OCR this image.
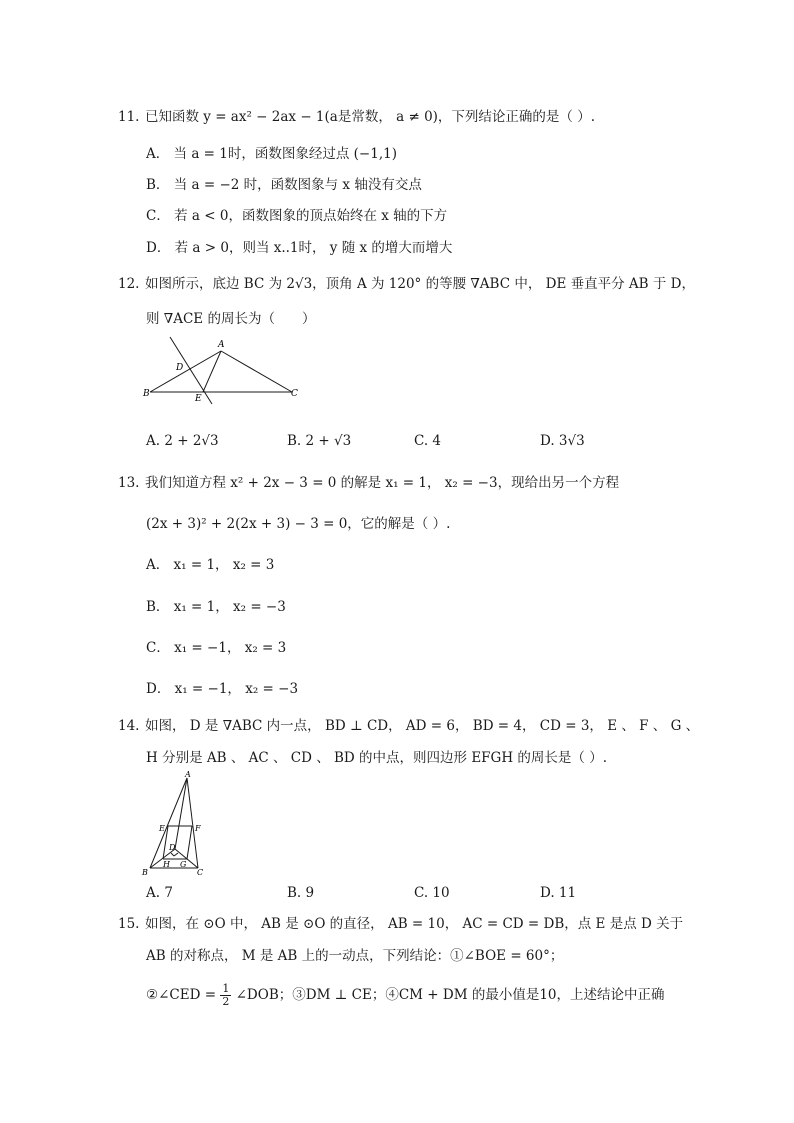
11. 已知函数 y = ax² − 2ax − 1(a是常数， a ≠ 0)，下列结论正确的是（ ）.
A． 当 a = 1时，函数图象经过点 (−1,1)
B． 当 a = −2 时，函数图象与 x 轴没有交点
C． 若 a < 0，函数图象的顶点始终在 x 轴的下方
D． 若 a > 0，则当 x..1时， y 随 x 的增大而增大
12. 如图所示，底边 BC 为 2√3，顶角 A 为 120° 的等腰 ∇ABC 中， DE 垂直平分 AB 于 D，
则 ∇ACE 的周长为（　　）
A
B	C
D
E
A. 2 + 2√3	B. 2 + √3	C. 4	D. 3√3
13. 我们知道方程 x² + 2x − 3 = 0 的解是 x₁ = 1， x₂ = −3，现给出另一个方程
(2x + 3)² + 2(2x + 3) − 3 = 0，它的解是（ ）.
A． x₁ = 1， x₂ = 3
B． x₁ = 1， x₂ = −3
C． x₁ = −1， x₂ = 3
D． x₁ = −1， x₂ = −3
14. 如图， D 是 ∇ABC 内一点， BD ⊥ CD， AD = 6， BD = 4， CD = 3， E 、 F 、 G 、
H 分别是 AB 、 AC 、 CD 、 BD 的中点，则四边形 EFGH 的周长是（ ）.
A
B	C
D
E	F
G
H
A. 7	B. 9	C. 10	D. 11
15. 如图，在 ⊙O 中， AB 是 ⊙O 的直径， AB = 10， AC = CD = DB，点 E 是点 D 关于
AB 的对称点， M 是 AB 上的一动点，下列结论：①∠BOE = 60°；
②∠CED = $\frac{1}{2}$ ∠DOB；③DM ⊥ CE；④CM + DM 的最小值是10，上述结论中正确
